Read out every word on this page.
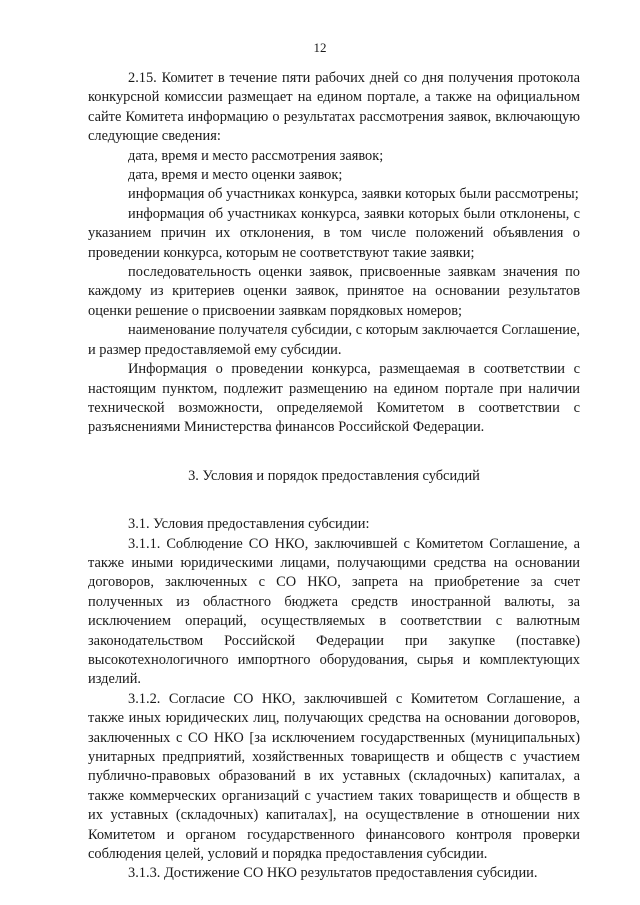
12

2.15. Комитет в течение пяти рабочих дней со дня получения протокола конкурсной комиссии размещает на едином портале, а также на официальном сайте Комитета информацию о результатах рассмотрения заявок, включающую следующие сведения:

дата, время и место рассмотрения заявок;

дата, время и место оценки заявок;

информация об участниках конкурса, заявки которых были рассмотрены;

информация об участниках конкурса, заявки которых были отклонены, с указанием причин их отклонения, в том числе положений объявления о проведении конкурса, которым не соответствуют такие заявки;

последовательность оценки заявок, присвоенные заявкам значения по каждому из критериев оценки заявок, принятое на основании результатов оценки решение о присвоении заявкам порядковых номеров;

наименование получателя субсидии, с которым заключается Соглашение, и размер предоставляемой ему субсидии.

Информация о проведении конкурса, размещаемая в соответствии с настоящим пунктом, подлежит размещению на едином портале при наличии технической возможности, определяемой Комитетом в соответствии с разъяснениями Министерства финансов Российской Федерации.

3. Условия и порядок предоставления субсидий

3.1. Условия предоставления субсидии:

3.1.1. Соблюдение СО НКО, заключившей с Комитетом Соглашение, а также иными юридическими лицами, получающими средства на основании договоров, заключенных с СО НКО, запрета на приобретение за счет полученных из областного бюджета средств иностранной валюты, за исключением операций, осуществляемых в соответствии с валютным законодательством Российской Федерации при закупке (поставке) высокотехнологичного импортного оборудования, сырья и комплектующих изделий.

3.1.2. Согласие СО НКО, заключившей с Комитетом Соглашение, а также иных юридических лиц, получающих средства на основании договоров, заключенных с СО НКО [за исключением государственных (муниципальных) унитарных предприятий, хозяйственных товариществ и обществ с участием публично-правовых образований в их уставных (складочных) капиталах, а также коммерческих организаций с участием таких товариществ и обществ в их уставных (складочных) капиталах], на осуществление в отношении них Комитетом и органом государственного финансового контроля проверки соблюдения целей, условий и порядка предоставления субсидии.

3.1.3. Достижение СО НКО результатов предоставления субсидии.
